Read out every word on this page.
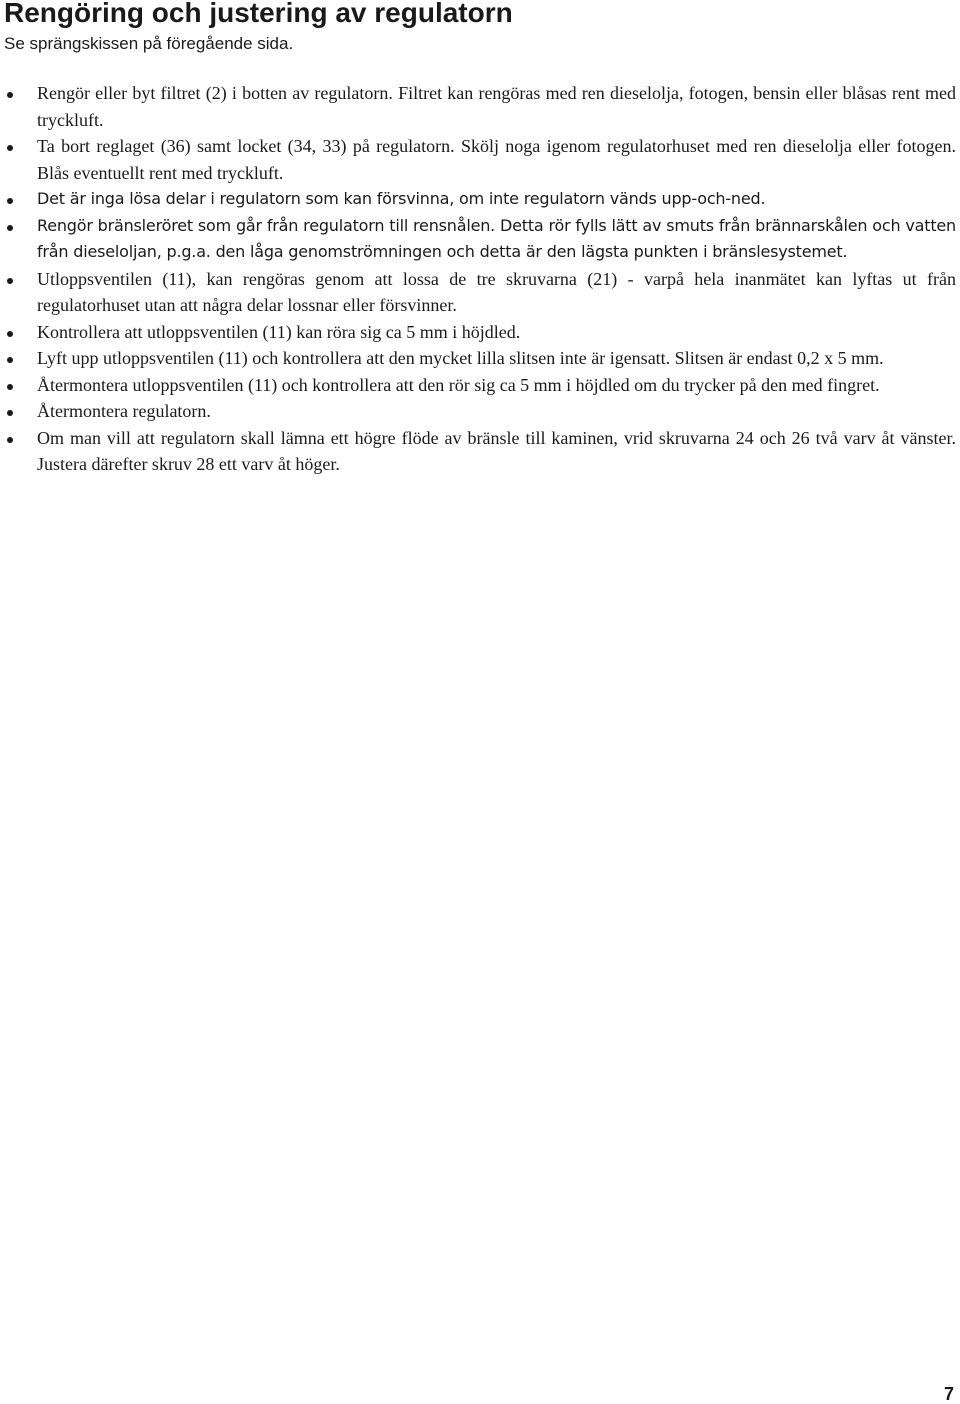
Rengöring och justering av regulatorn

Se sprängskissen på föregående sida.

Rengör eller byt filtret (2) i botten av regulatorn. Filtret kan rengöras med ren dieselolja, fotogen, bensin eller blåsas rent med tryckluft.
Ta bort reglaget (36) samt locket (34, 33) på regulatorn. Skölj noga igenom regulatorhuset med ren dieselolja eller fotogen. Blås eventuellt rent med tryckluft.
Det är inga lösa delar i regulatorn som kan försvinna, om inte regulatorn vänds upp-och-ned.
Rengör bränsleröret som går från regulatorn till rensnålen. Detta rör fylls lätt av smuts från brännarskålen och vatten från dieseloljan, p.g.a. den låga genomströmningen och detta är den lägsta punkten i bränslesystemet.
Utloppsventilen (11), kan rengöras genom att lossa de tre skruvarna (21) - varpå hela inanmätet kan lyftas ut från regulatorhuset utan att några delar lossnar eller försvinner.
Kontrollera att utloppsventilen (11) kan röra sig ca 5 mm i höjdled.
Lyft upp utloppsventilen (11) och kontrollera att den mycket lilla slitsen inte är igensatt. Slitsen är endast 0,2 x 5 mm.
Återmontera utloppsventilen (11) och kontrollera att den rör sig ca 5 mm i höjdled om du trycker på den med fingret.
Återmontera regulatorn.
Om man vill att regulatorn skall lämna ett högre flöde av bränsle till kaminen, vrid skruvarna 24 och 26 två varv åt vänster. Justera därefter skruv 28 ett varv åt höger.

7
